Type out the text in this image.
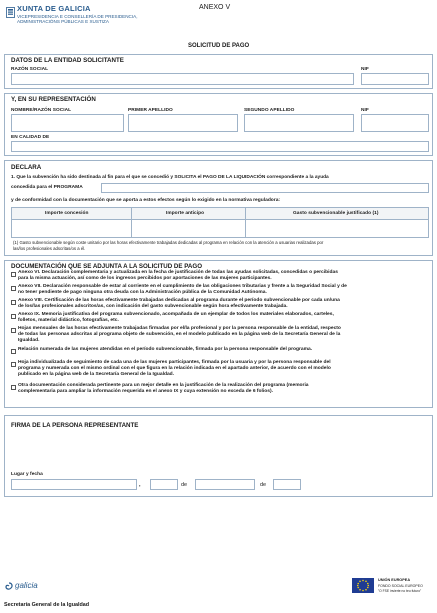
XUNTA DE GALICIA
VICEPRESIDENCIA E CONSELLERÍA DE PRESIDENCIA,
ADMINISTRACIÓNS PÚBLICAS E XUSTIZA
ANEXO V
SOLICITUD DE PAGO
DATOS DE LA ENTIDAD SOLICITANTE
RAZÓN SOCIAL	NIF
Y, EN SU REPRESENTACIÓN
NOMBRE/RAZÓN SOCIAL	PRIMER APELLIDO	SEGUNDO APELLIDO	NIF
EN CALIDAD DE
DECLARA
1. Que la subvención ha sido destinada al fin para el que se concedió y SOLICITA el PAGO DE LA LIQUIDACIÓN correspondiente a la ayuda
concedida para el PROGRAMA
y de conformidad con la documentación que se aporta a estos efectos según lo exigido en la normativa reguladora:
Importe concesión	Importe anticipo	Gasto subvencionable justificado (1)
(1) Gasto subvencionable según coste unitario por las horas efectivamente trabajadas dedicadas al programa en relación con la atención a usuarias realizadas por
las/los profesionales adscritas/os a él.
DOCUMENTACIÓN QUE SE ADJUNTA A LA SOLICITUD DE PAGO
Anexo VI. Declaración complementaria y actualizada en la fecha de justificación de todas las ayudas solicitadas, concedidas o percibidas
para la misma actuación, así como de los ingresos percibidos por aportaciones de las mujeres participantes.
Anexo VII. Declaración responsable de estar al corriente en el cumplimiento de las obligaciones tributarias y frente a la Seguridad Social y de
no tener pendiente de pago ninguna otra deuda con la Administración pública de la Comunidad Autónoma.
Anexo VIII. Certificación de las horas efectivamente trabajadas dedicadas al programa durante el período subvencionable por cada un/una
de los/las profesionales adscritos/as, con indicación del gasto subvencionable según hora efectivamente trabajada.
Anexo IX. Memoria justificativa del programa subvencionado, acompañada de un ejemplar de todos los materiales elaborados, carteles,
folletos, material didáctico, fotografías, etc.
Hojas mensuales de las horas efectivamente trabajadas firmadas por el/la profesional y por la persona responsable de la entidad, respecto
de todas las personas adscritas al programa objeto de subvención, en el modelo publicado en la página web de la Secretaría General de la
Igualdad.
Relación numerada de las mujeres atendidas en el período subvencionable, firmada por la persona responsable del programa.
Hoja individualizada de seguimiento de cada una de las mujeres participantes, firmada por la usuaria y por la persona responsable del
programa y numerada con el mismo ordinal con el que figura en la relación indicada en el apartado anterior, de acuerdo con el modelo
publicado en la página web de la Secretaría General de la Igualdad.
Otra documentación considerada pertinente para un mejor detalle en la justificación de la realización del programa (memoria
complementaria para ampliar la información requerida en el anexo IX y cuya extensión no exceda de 6 folios).
FIRMA DE LA PERSONA REPRESENTANTE
Lugar y fecha
,	de	de
galicia
UNIÓN EUROPEA
FONDO SOCIAL EUROPEO
"O FSE invierte no teu futuro"
Secretaría General de la Igualdad
